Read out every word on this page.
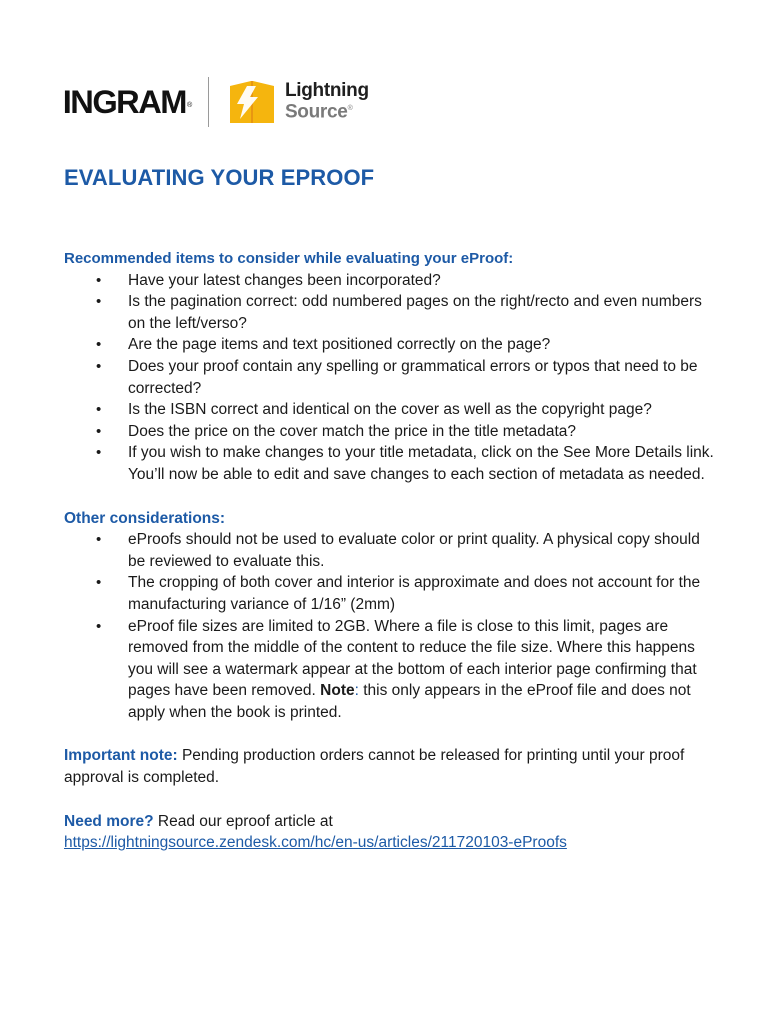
INGRAM®
Lightning
Source®
EVALUATING YOUR EPROOF
Recommended items to consider while evaluating your eProof:
• Have your latest changes been incorporated?
• Is the pagination correct: odd numbered pages on the right/recto and even numbers on the left/verso?
• Are the page items and text positioned correctly on the page?
• Does your proof contain any spelling or grammatical errors or typos that need to be corrected?
• Is the ISBN correct and identical on the cover as well as the copyright page?
• Does the price on the cover match the price in the title metadata?
• If you wish to make changes to your title metadata, click on the See More Details link. You’ll now be able to edit and save changes to each section of metadata as needed.
Other considerations:
• eProofs should not be used to evaluate color or print quality. A physical copy should be reviewed to evaluate this.
• The cropping of both cover and interior is approximate and does not account for the manufacturing variance of 1/16” (2mm)
• eProof file sizes are limited to 2GB. Where a file is close to this limit, pages are removed from the middle of the content to reduce the file size. Where this happens you will see a watermark appear at the bottom of each interior page confirming that pages have been removed. Note: this only appears in the eProof file and does not apply when the book is printed.
Important note: Pending production orders cannot be released for printing until your proof approval is completed.
Need more? Read our eproof article at
https://lightningsource.zendesk.com/hc/en-us/articles/211720103-eProofs
